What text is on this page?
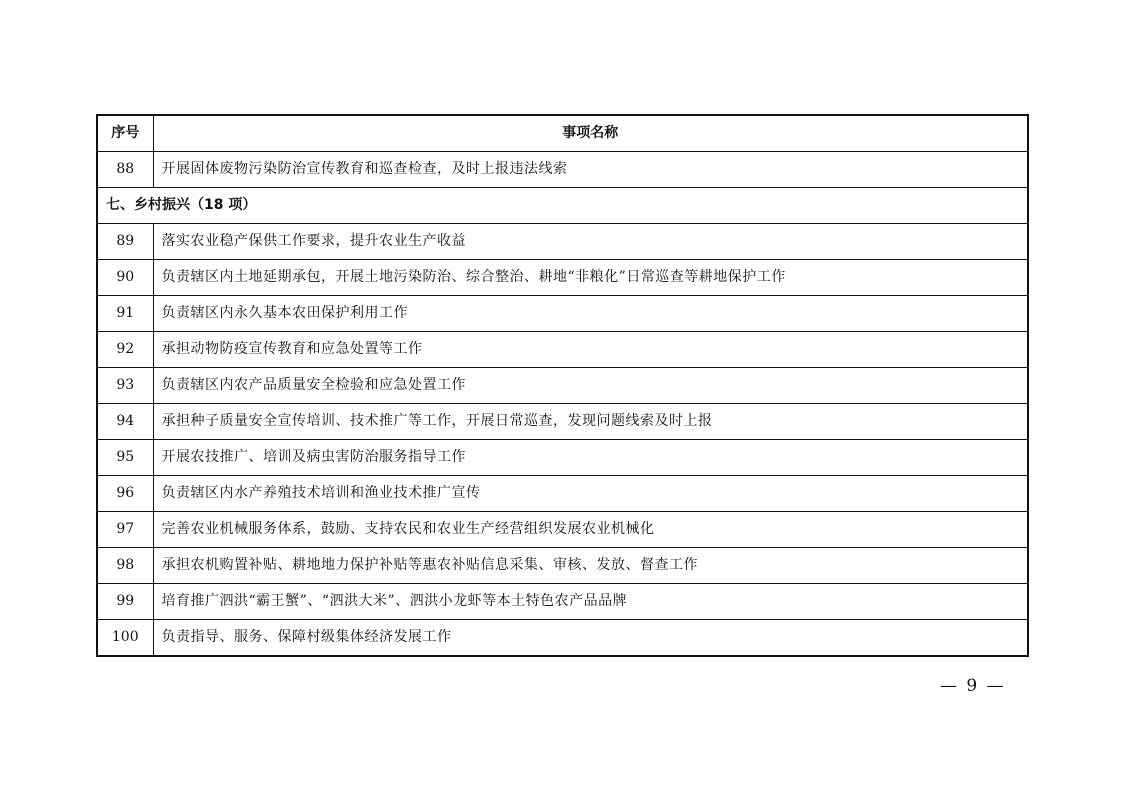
序号	事项名称
88	开展固体废物污染防治宣传教育和巡查检查，及时上报违法线索
七、乡村振兴（18 项）	
89	落实农业稳产保供工作要求，提升农业生产收益
90	负责辖区内土地延期承包，开展土地污染防治、综合整治、耕地“非粮化”日常巡查等耕地保护工作
91	负责辖区内永久基本农田保护利用工作
92	承担动物防疫宣传教育和应急处置等工作
93	负责辖区内农产品质量安全检验和应急处置工作
94	承担种子质量安全宣传培训、技术推广等工作，开展日常巡查，发现问题线索及时上报
95	开展农技推广、培训及病虫害防治服务指导工作
96	负责辖区内水产养殖技术培训和渔业技术推广宣传
97	完善农业机械服务体系，鼓励、支持农民和农业生产经营组织发展农业机械化
98	承担农机购置补贴、耕地地力保护补贴等惠农补贴信息采集、审核、发放、督查工作
99	培育推广泗洪“霸王蟹”、“泗洪大米”、泗洪小龙虾等本土特色农产品品牌
100	负责指导、服务、保障村级集体经济发展工作
— 9 —
